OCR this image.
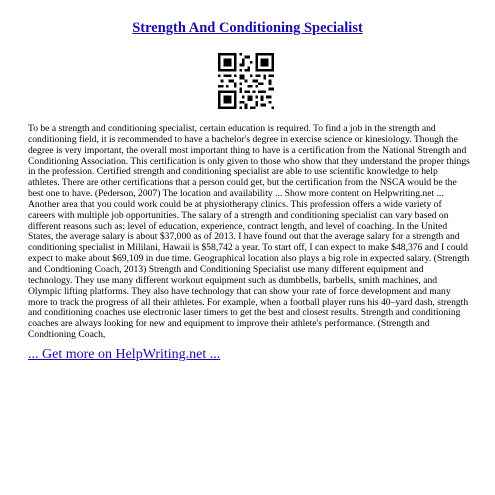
Strength And Conditioning Specialist

To be a strength and conditioning specialist, certain education is required. To find a job in the strength and conditioning field, it is recommended to have a bachelor's degree in exercise science or kinesiology. Though the degree is very important, the overall most important thing to have is a certification from the National Strength and Conditioning Association. This certification is only given to those who show that they understand the proper things in the profession. Certified strength and conditioning specialist are able to use scientific knowledge to help athletes. There are other certifications that a person could get, but the certification from the NSCA would be the best one to have. (Pederson, 2007) The location and availability ... Show more content on Helpwriting.net ... Another area that you could work could be at physiotherapy clinics. This profession offers a wide variety of careers with multiple job opportunities. The salary of a strength and conditioning specialist can vary based on different reasons such as: level of education, experience, contract length, and level of coaching. In the United States, the average salary is about $37,000 as of 2013. I have found out that the average salary for a strength and conditioning specialist in Mililani, Hawaii is $58,742 a year. To start off, I can expect to make $48,376 and I could expect to make about $69,109 in due time. Geographical location also plays a big role in expected salary. (Strength and Condtioning Coach, 2013) Strength and Conditioning Specialist use many different equipment and technology. They use many different workout equipment such as dumbbells, barbells, smith machines, and Olympic lifting platforms. They also have technology that can show your rate of force development and many more to track the progress of all their athletes. For example, when a football player runs his 40–yard dash, strength and conditioning coaches use electronic laser timers to get the best and closest results. Strength and conditioning coaches are always looking for new and equipment to improve their athlete's performance. (Strength and Condtioning Coach,

... Get more on HelpWriting.net ...
